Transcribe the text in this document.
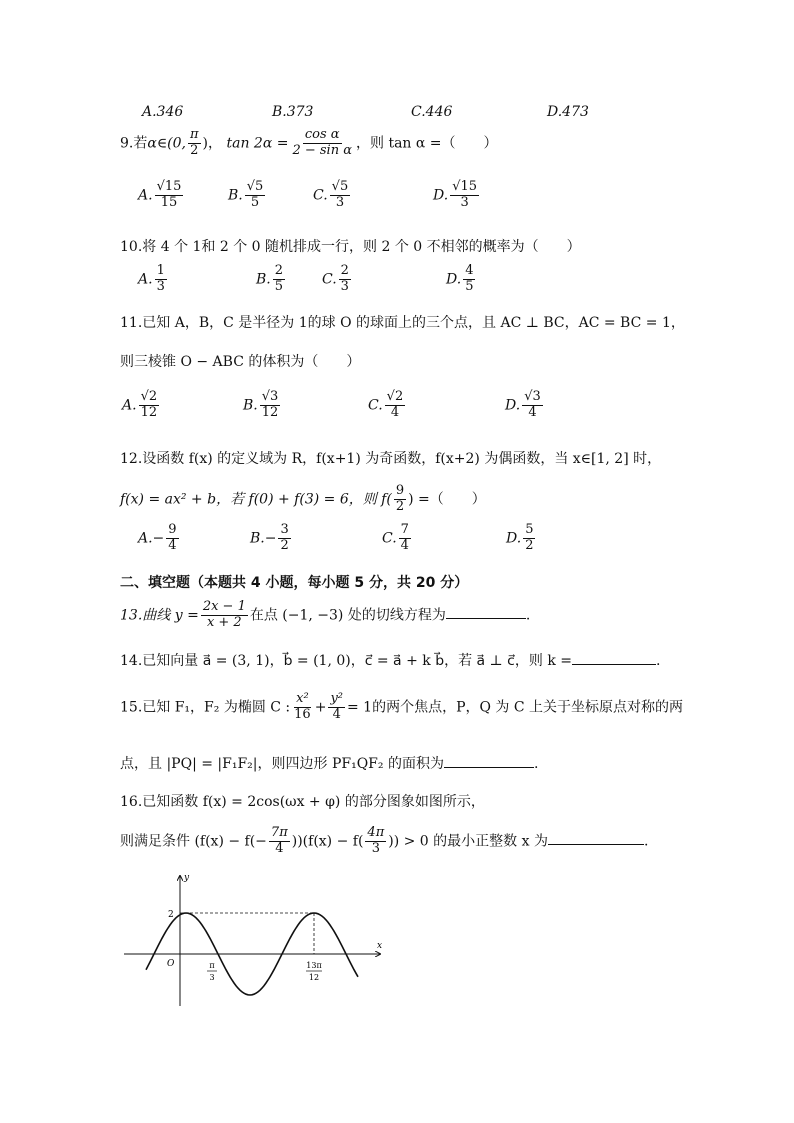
A.346	B.373	C.446	D.473
9.若α∈(0, $\frac{\pi}{2}$ )， $\tan 2\alpha = \frac{\text{cos α}}{\text{2 − sin α}}$ ，则 tan α =（　　）
A. $\frac{√15}{15}$	B. $\frac{√5}{5}$	C. $\frac{√5}{3}$	D. $\frac{√15}{3}$
10.将 4 个 1和 2 个 0 随机排成一行，则 2 个 0 不相邻的概率为（　　）
A. $\frac{1}{3}$	B. $\frac{2}{5}$	C. $\frac{2}{3}$	D. $\frac{4}{5}$
11.已知 A，B，C 是半径为 1的球 O 的球面上的三个点，且 AC ⊥ BC，AC = BC = 1，
则三棱锥 O − ABC 的体积为（　　）
A. $\frac{√2}{12}$	B. $\frac{√3}{12}$	C. $\frac{√2}{4}$	D. $\frac{√3}{4}$
12.设函数 f(x) 的定义域为 R，f(x+1) 为奇函数，f(x+2) 为偶函数，当 x∈[1, 2] 时，
f(x) = ax² + b，若 f(0) + f(3) = 6，则 $f( \frac{9}{2}$ ) =（　　）
$A.- \frac{9}{4}$	$B.- \frac{3}{2}$	C. $\frac{7}{4}$	D. $\frac{5}{2}$
二、填空题（本题共 4 小题，每小题 5 分，共 20 分）
13.曲线 $y = \frac{2x - 1}{x + 2}$ 在点 (−1, −3) 处的切线方程为	.
14.已知向量 a⃗ = (3, 1)，b⃗ = (1, 0)，c⃗ = a⃗ + k b⃗，若 a⃗ ⊥ c⃗，则 k =	.
15.已知 F₁，F₂ 为椭圆 C : $\frac{\text{x²}}{16} + \frac{\text{y²}}{4} = 1$的两个焦点，P，Q 为 C 上关于坐标原点对称的两
点，且 |PQ| = |F₁F₂|，则四边形 PF₁QF₂ 的面积为	.
16.已知函数 f(x) = 2cos(ωx + φ) 的部分图象如图所示，
则满足条件 $(f(x) - f(- \frac{7\pi}{4} ))(f(x) - f( \frac{4\pi}{3}$ )) > 0 的最小正整数 x 为	.
y
x
O
2
π
3
13π
12
